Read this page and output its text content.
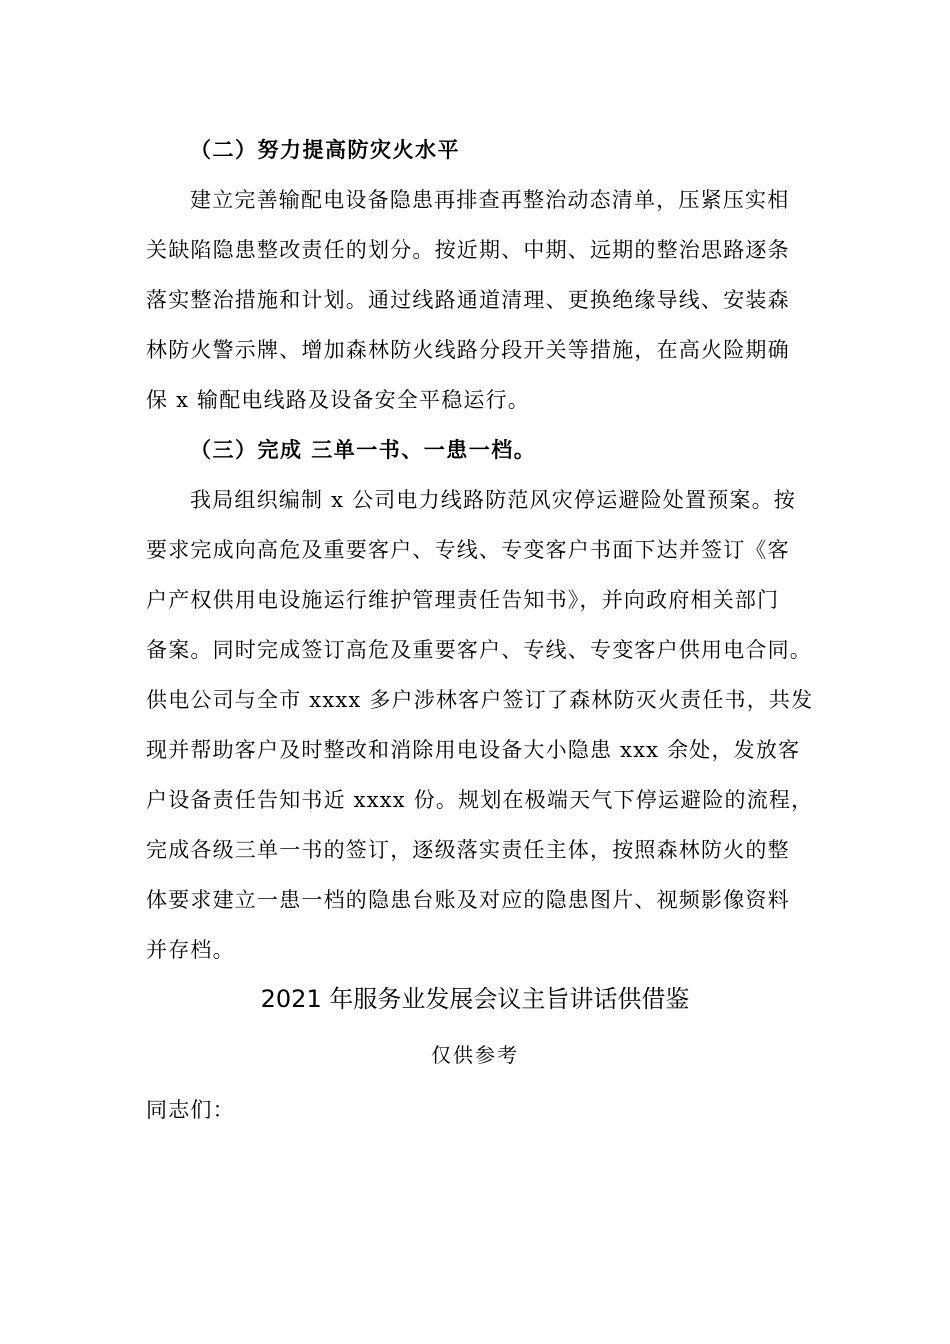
（二）努力提高防灾火水平
建立完善输配电设备隐患再排查再整治动态清单，压紧压实相
关缺陷隐患整改责任的划分。按近期、中期、远期的整治思路逐条
落实整治措施和计划。通过线路通道清理、更换绝缘导线、安装森
林防火警示牌、增加森林防火线路分段开关等措施，在高火险期确
保 x 输配电线路及设备安全平稳运行。
（三）完成 三单一书、一患一档。
我局组织编制 x 公司电力线路防范风灾停运避险处置预案。按
要求完成向高危及重要客户、专线、专变客户书面下达并签订《客
户产权供用电设施运行维护管理责任告知书》，并向政府相关部门
备案。同时完成签订高危及重要客户、专线、专变客户供用电合同。
供电公司与全市 xxxx 多户涉林客户签订了森林防灭火责任书，共发
现并帮助客户及时整改和消除用电设备大小隐患 xxx 余处，发放客
户设备责任告知书近 xxxx 份。规划在极端天气下停运避险的流程，
完成各级三单一书的签订，逐级落实责任主体，按照森林防火的整
体要求建立一患一档的隐患台账及对应的隐患图片、视频影像资料
并存档。
2021 年服务业发展会议主旨讲话供借鉴
仅供参考
同志们：
